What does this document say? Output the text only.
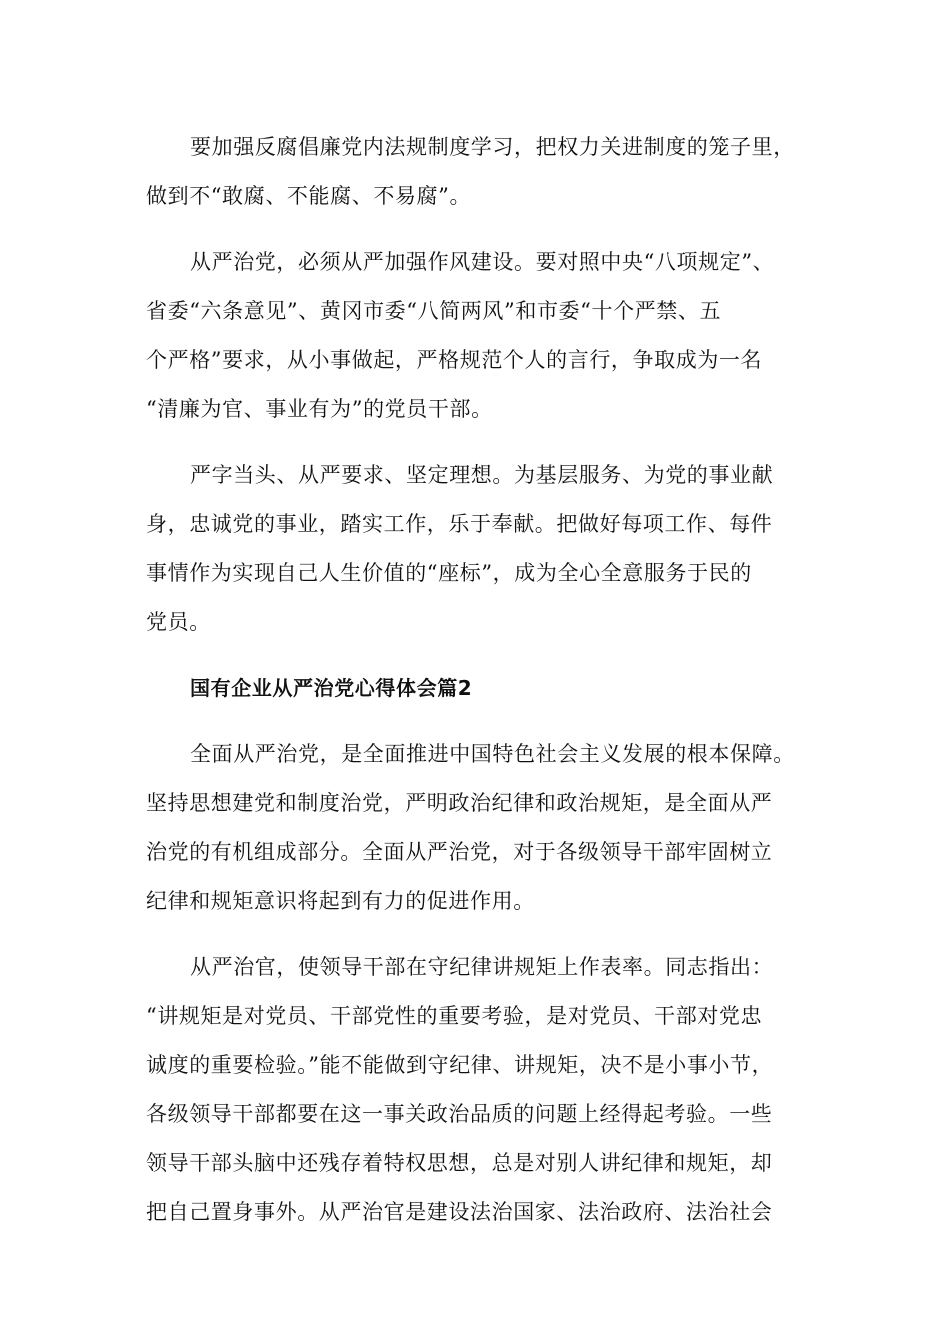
要加强反腐倡廉党内法规制度学习，把权力关进制度的笼子里，
做到不“敢腐、不能腐、不易腐”。

从严治党，必须从严加强作风建设。要对照中央“八项规定”、
省委“六条意见”、黄冈市委“八简两风”和市委“十个严禁、五
个严格”要求，从小事做起，严格规范个人的言行，争取成为一名
“清廉为官、事业有为”的党员干部。

严字当头、从严要求、坚定理想。为基层服务、为党的事业献
身，忠诚党的事业，踏实工作，乐于奉献。把做好每项工作、每件
事情作为实现自己人生价值的“座标”，成为全心全意服务于民的
党员。

国有企业从严治党心得体会篇2

全面从严治党，是全面推进中国特色社会主义发展的根本保障。
坚持思想建党和制度治党，严明政治纪律和政治规矩，是全面从严
治党的有机组成部分。全面从严治党，对于各级领导干部牢固树立
纪律和规矩意识将起到有力的促进作用。

从严治官，使领导干部在守纪律讲规矩上作表率。同志指出：
“讲规矩是对党员、干部党性的重要考验，是对党员、干部对党忠
诚度的重要检验。”能不能做到守纪律、讲规矩，决不是小事小节，
各级领导干部都要在这一事关政治品质的问题上经得起考验。一些
领导干部头脑中还残存着特权思想，总是对别人讲纪律和规矩，却
把自己置身事外。从严治官是建设法治国家、法治政府、法治社会
